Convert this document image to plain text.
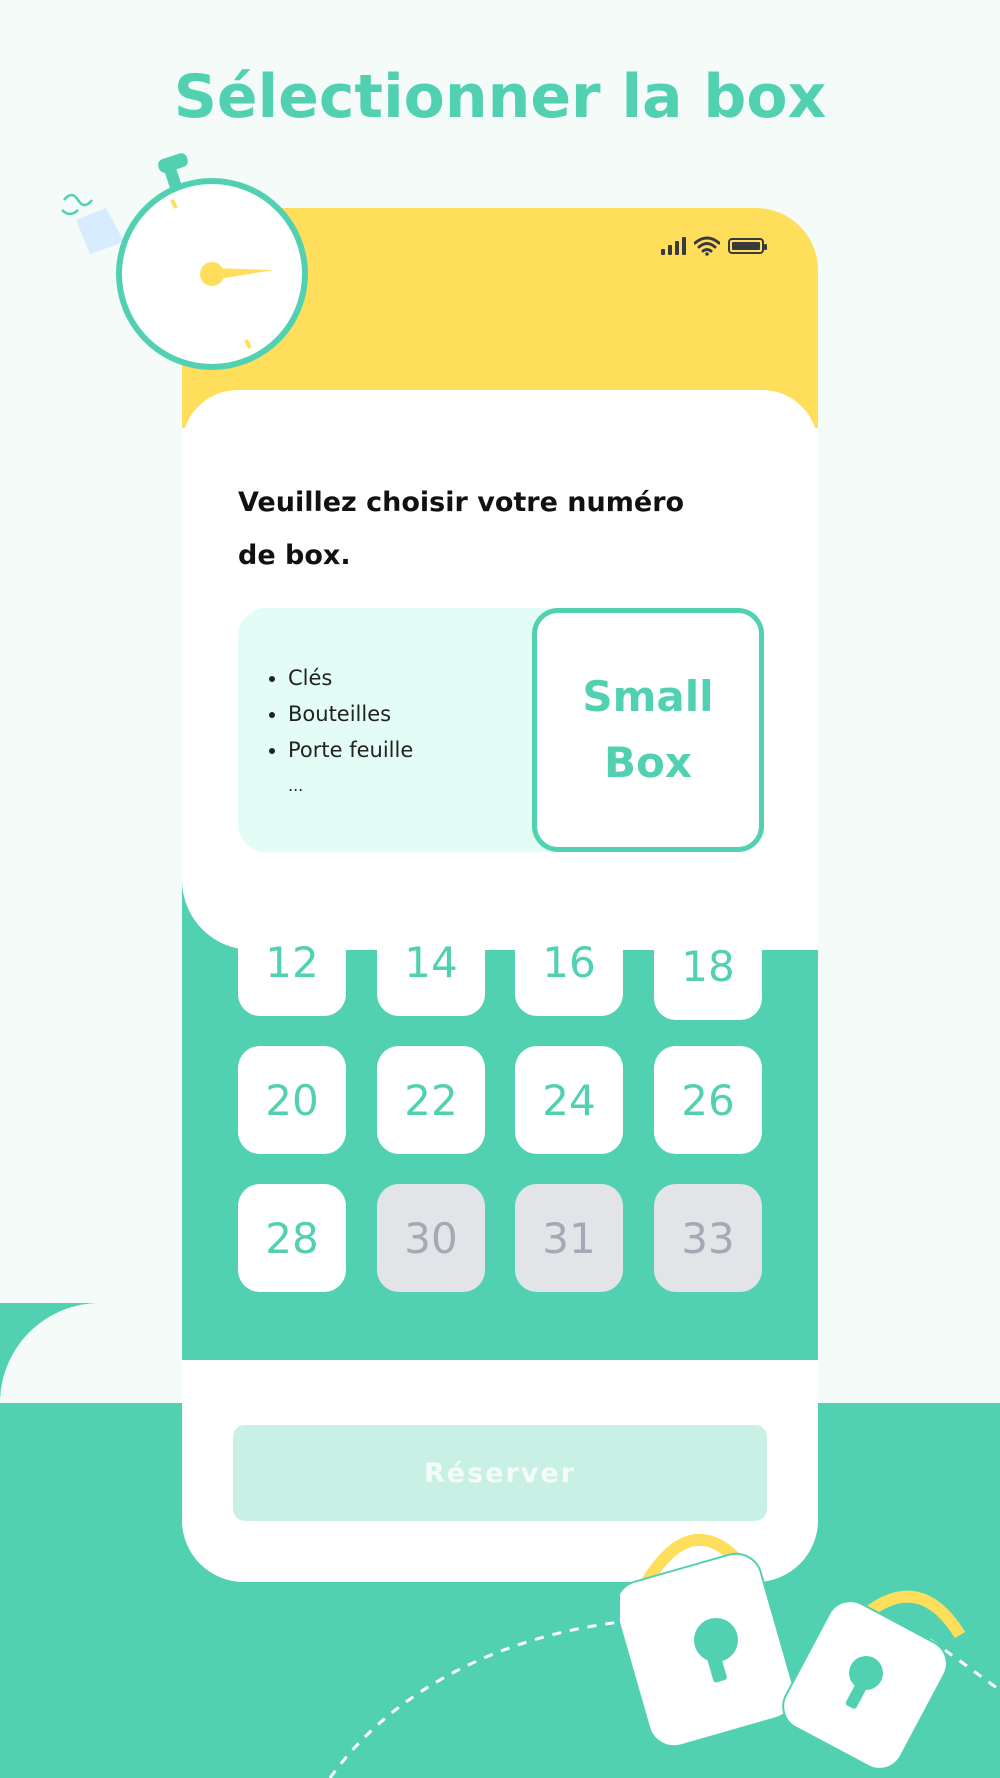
Sélectionner la box
Veuillez choisir votre numéro
de box.
• Clés
• Bouteilles
• Porte feuille
...
Small
Box
12	14	16	18
20	22	24	26
28	30	31	33
Réserver
